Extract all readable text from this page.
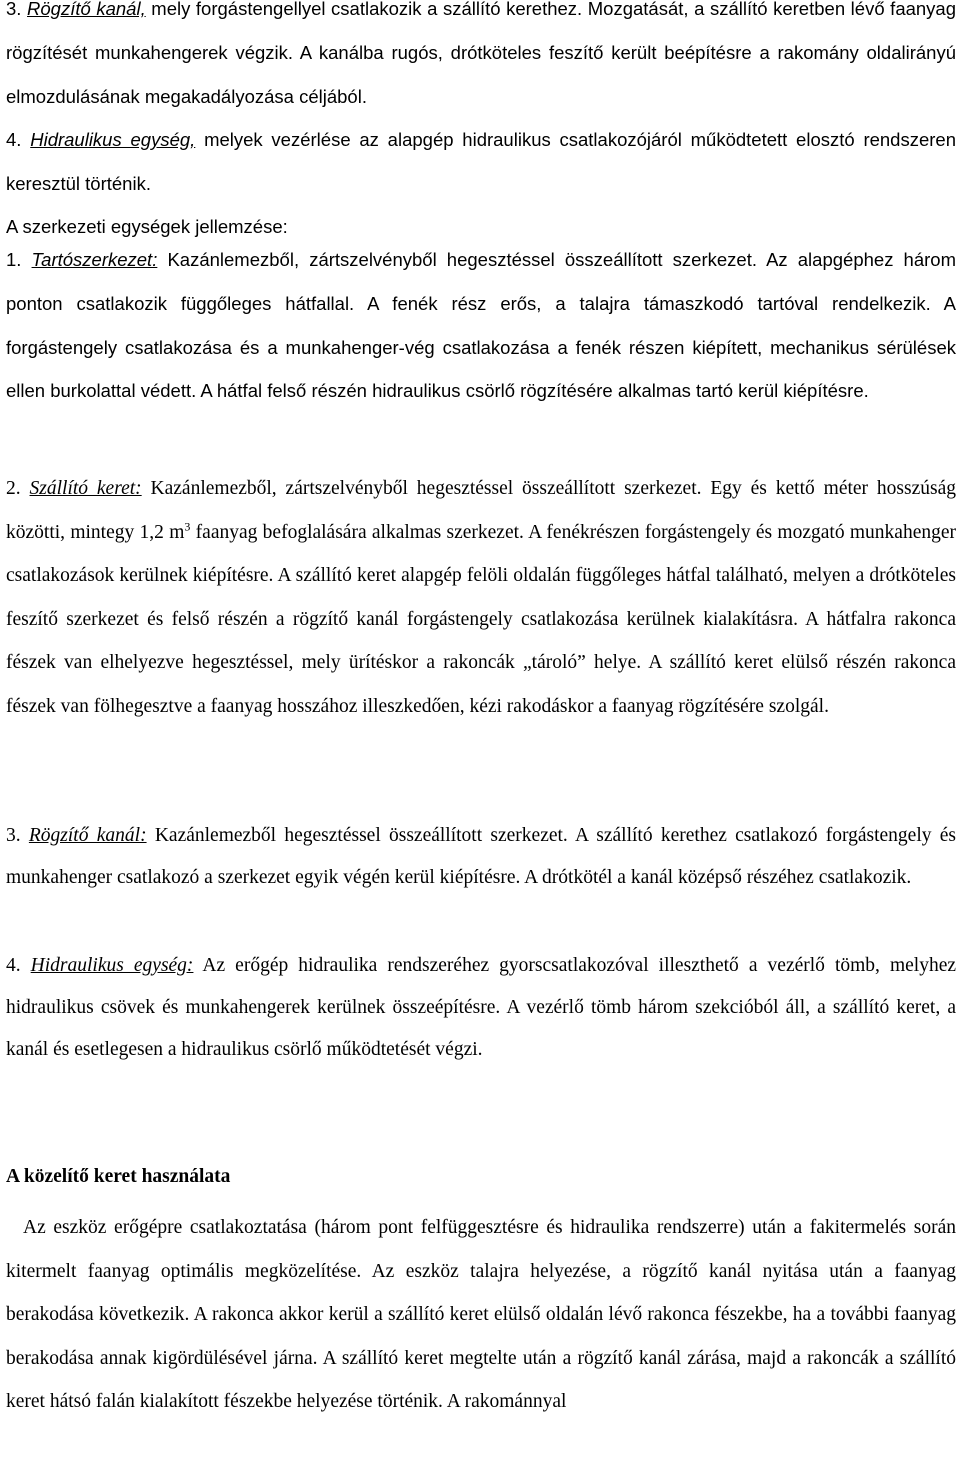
3. Rögzítő kanál, mely forgástengellyel csatlakozik a szállító kerethez. Mozgatását, a szállító keretben lévő faanyag rögzítését munkahengerek végzik. A kanálba rugós, drótköteles feszítő került beépítésre a rakomány oldalirányú elmozdulásának megakadályozása céljából.

4. Hidraulikus egység, melyek vezérlése az alapgép hidraulikus csatlakozójáról működtetett elosztó rendszeren keresztül történik.

A szerkezeti egységek jellemzése:

1. Tartószerkezet: Kazánlemezből, zártszelvényből hegesztéssel összeállított szerkezet. Az alapgéphez három ponton csatlakozik függőleges hátfallal. A fenék rész erős, a talajra támaszkodó tartóval rendelkezik. A forgástengely csatlakozása és a munkahenger-vég csatlakozása a fenék részen kiépített, mechanikus sérülések ellen burkolattal védett. A hátfal felső részén hidraulikus csörlő rögzítésére alkalmas tartó kerül kiépítésre.

2. Szállító keret: Kazánlemezből, zártszelvényből hegesztéssel összeállított szerkezet. Egy és kettő méter hosszúság közötti, mintegy 1,2 $m^3$ faanyag befoglalására alkalmas szerkezet. A fenékrészen forgástengely és mozgató munkahenger csatlakozások kerülnek kiépítésre. A szállító keret alapgép felöli oldalán függőleges hátfal található, melyen a drótköteles feszítő szerkezet és felső részén a rögzítő kanál forgástengely csatlakozása kerülnek kialakításra. A hátfalra rakonca fészek van elhelyezve hegesztéssel, mely ürítéskor a rakoncák „tároló” helye. A szállító keret elülső részén rakonca fészek van fölhegesztve a faanyag hosszához illeszkedően, kézi rakodáskor a faanyag rögzítésére szolgál.

3. Rögzítő kanál: Kazánlemezből hegesztéssel összeállított szerkezet. A szállító kerethez csatlakozó forgástengely és munkahenger csatlakozó a szerkezet egyik végén kerül kiépítésre. A drótkötél a kanál középső részéhez csatlakozik.

4. Hidraulikus egység: Az erőgép hidraulika rendszeréhez gyorscsatlakozóval illeszthető a vezérlő tömb, melyhez hidraulikus csövek és munkahengerek kerülnek összeépítésre. A vezérlő tömb három szekcióból áll, a szállító keret, a kanál és esetlegesen a hidraulikus csörlő működtetését végzi.

A közelítő keret használata

Az eszköz erőgépre csatlakoztatása (három pont felfüggesztésre és hidraulika rendszerre) után a fakitermelés során kitermelt faanyag optimális megközelítése. Az eszköz talajra helyezése, a rögzítő kanál nyitása után a faanyag berakodása következik. A rakonca akkor kerül a szállító keret elülső oldalán lévő rakonca fészekbe, ha a további faanyag berakodása annak kigördülésével járna. A szállító keret megtelte után a rögzítő kanál zárása, majd a rakoncák a szállító keret hátsó falán kialakított fészekbe helyezése történik. A rakománnyal
